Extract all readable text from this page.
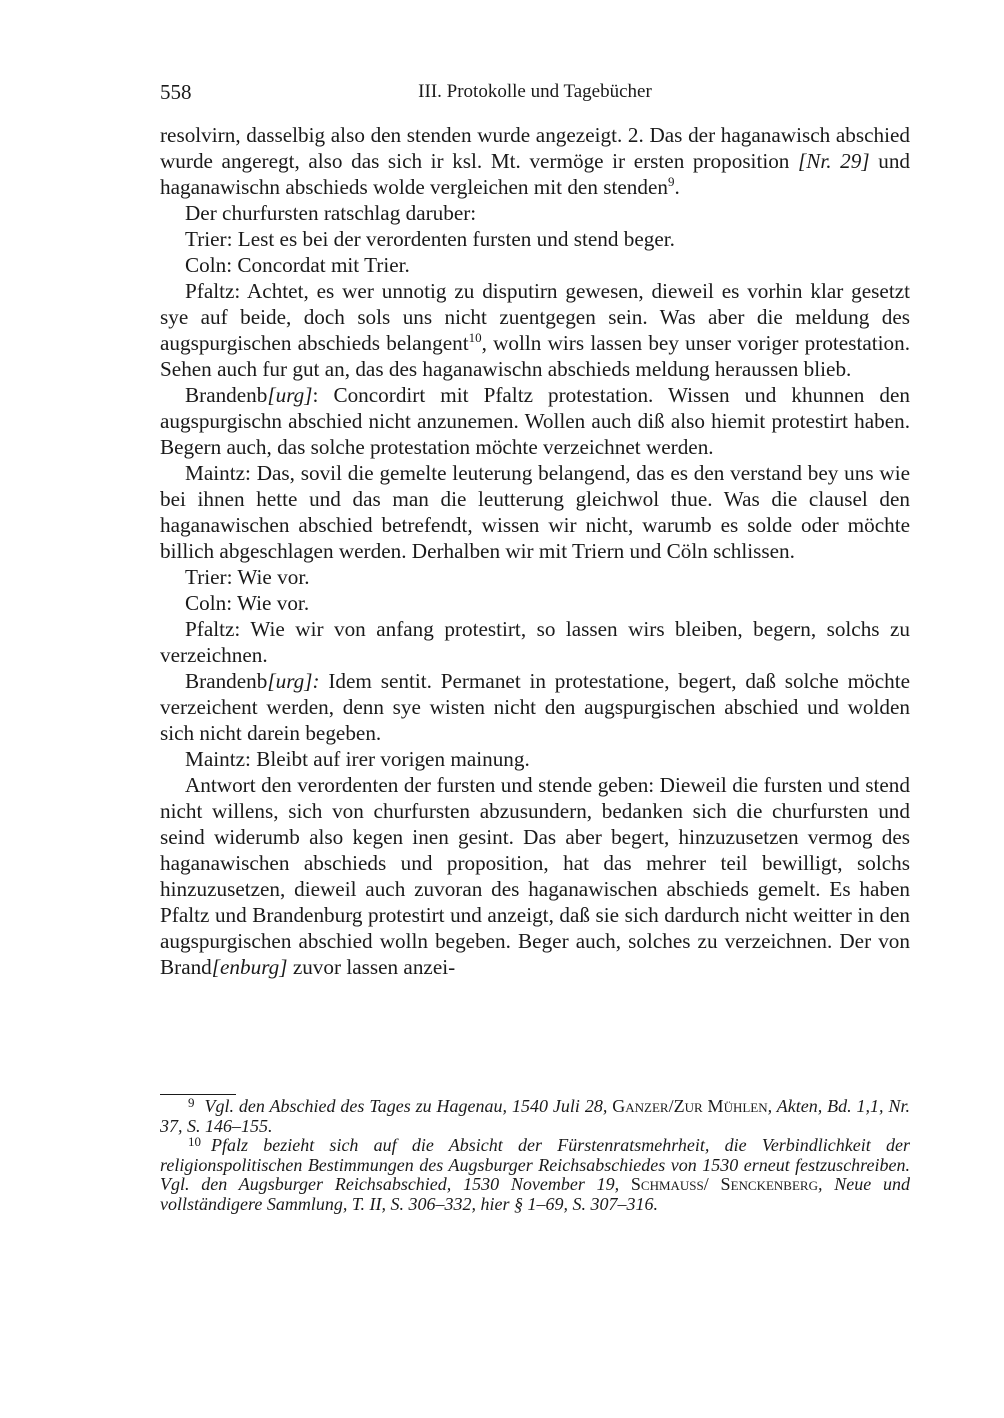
558	III. Protokolle und Tagebücher

resolvirn, dasselbig also den stenden wurde angezeigt. 2. Das der haganawisch abschied wurde angeregt, also das sich ir ksl. Mt. vermöge ir ersten proposition [Nr. 29] und haganawischn abschieds wolde vergleichen mit den stenden$^9$.

Der churfursten ratschlag daruber:

Trier: Lest es bei der verordenten fursten und stend beger.

Coln: Concordat mit Trier.

Pfaltz: Achtet, es wer unnotig zu disputirn gewesen, dieweil es vorhin klar gesetzt sye auf beide, doch sols uns nicht zuentgegen sein. Was aber die meldung des augspurgischen abschieds belangent$^{10}$, wolln wirs lassen bey unser voriger protestation. Sehen auch fur gut an, das des haganawischn abschieds meldung heraussen blieb.

Brandenb[urg]: Concordirt mit Pfaltz protestation. Wissen und khunnen den augspurgischn abschied nicht anzunemen. Wollen auch diß also hiemit protestirt haben. Begern auch, das solche protestation möchte verzeichnet werden.

Maintz: Das, sovil die gemelte leuterung belangend, das es den verstand bey uns wie bei ihnen hette und das man die leutterung gleichwol thue. Was die clausel den haganawischen abschied betrefendt, wissen wir nicht, warumb es solde oder möchte billich abgeschlagen werden. Derhalben wir mit Triern und Cöln schlissen.

Trier: Wie vor.

Coln: Wie vor.

Pfaltz: Wie wir von anfang protestirt, so lassen wirs bleiben, begern, solchs zu verzeichnen.

Brandenb[urg]: Idem sentit. Permanet in protestatione, begert, daß solche möchte verzeichent werden, denn sye wisten nicht den augspurgischen abschied und wolden sich nicht darein begeben.

Maintz: Bleibt auf irer vorigen mainung.

Antwort den verordenten der fursten und stende geben: Dieweil die fursten und stend nicht willens, sich von churfursten abzusundern, bedanken sich die churfursten und seind widerumb also kegen inen gesint. Das aber begert, hinzuzusetzen vermog des haganawischen abschieds und proposition, hat das mehrer teil bewilligt, solchs hinzuzusetzen, dieweil auch zuvoran des haganawischen abschieds gemelt. Es haben Pfaltz und Brandenburg protestirt und anzeigt, daß sie sich dardurch nicht weitter in den augspurgischen abschied wolln begeben. Beger auch, solches zu verzeichnen. Der von Brand[enburg] zuvor lassen anzei-

$^9$ Vgl. den Abschied des Tages zu Hagenau, 1540 Juli 28, Ganzer/Zur Mühlen, Akten, Bd. 1,1, Nr. 37, S. 146–155.

$^{10}$ Pfalz bezieht sich auf die Absicht der Fürstenratsmehrheit, die Verbindlichkeit der religionspolitischen Bestimmungen des Augsburger Reichsabschiedes von 1530 erneut festzuschreiben. Vgl. den Augsburger Reichsabschied, 1530 November 19, Schmauss/ Senckenberg, Neue und vollständigere Sammlung, T. II, S. 306–332, hier § 1–69, S. 307–316.
